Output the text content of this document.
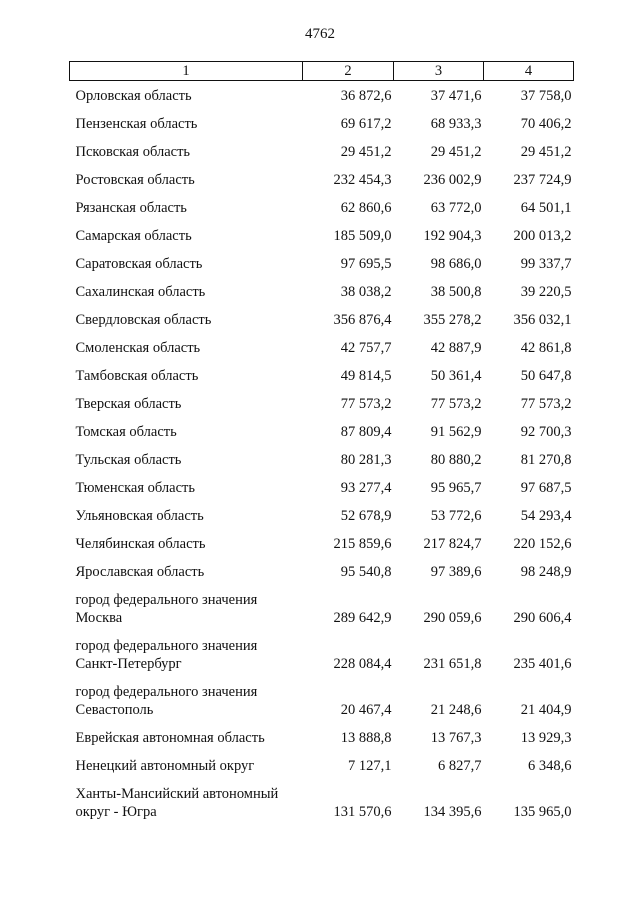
4762
1	2	3	4
Орловская область	36 872,6	37 471,6	37 758,0
Пензенская область	69 617,2	68 933,3	70 406,2
Псковская область	29 451,2	29 451,2	29 451,2
Ростовская область	232 454,3	236 002,9	237 724,9
Рязанская область	62 860,6	63 772,0	64 501,1
Самарская область	185 509,0	192 904,3	200 013,2
Саратовская область	97 695,5	98 686,0	99 337,7
Сахалинская область	38 038,2	38 500,8	39 220,5
Свердловская область	356 876,4	355 278,2	356 032,1
Смоленская область	42 757,7	42 887,9	42 861,8
Тамбовская область	49 814,5	50 361,4	50 647,8
Тверская область	77 573,2	77 573,2	77 573,2
Томская область	87 809,4	91 562,9	92 700,3
Тульская область	80 281,3	80 880,2	81 270,8
Тюменская область	93 277,4	95 965,7	97 687,5
Ульяновская область	52 678,9	53 772,6	54 293,4
Челябинская область	215 859,6	217 824,7	220 152,6
Ярославская область	95 540,8	97 389,6	98 248,9
город федерального значения
Москва	289 642,9	290 059,6	290 606,4
город федерального значения
Санкт-Петербург	228 084,4	231 651,8	235 401,6
город федерального значения
Севастополь	20 467,4	21 248,6	21 404,9
Еврейская автономная область	13 888,8	13 767,3	13 929,3
Ненецкий автономный округ	7 127,1	6 827,7	6 348,6
Ханты-Мансийский автономный
округ - Югра	131 570,6	134 395,6	135 965,0
